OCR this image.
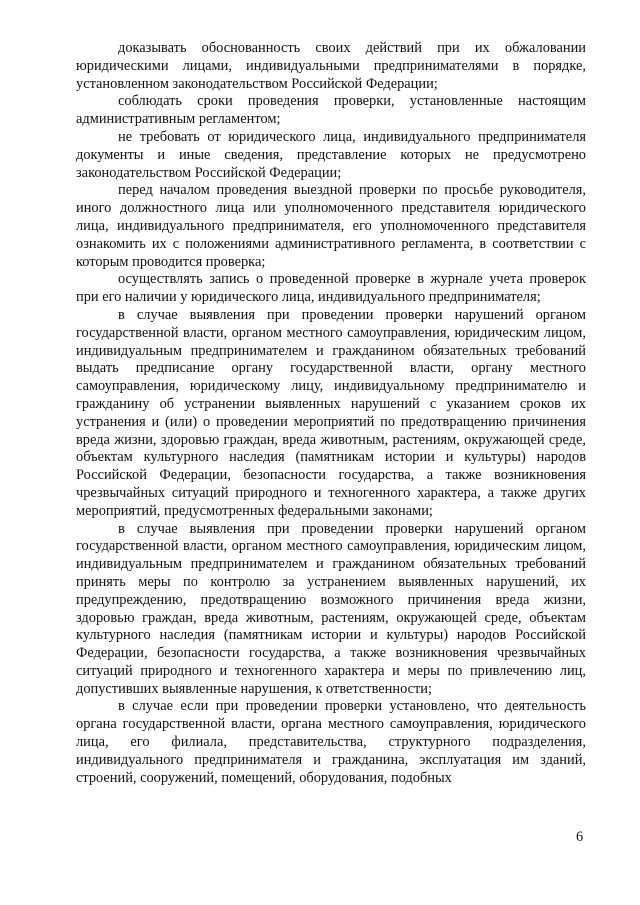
доказывать обоснованность своих действий при их обжаловании юридическими лицами, индивидуальными предпринимателями в порядке, установленном законодательством Российской Федерации;

соблюдать сроки проведения проверки, установленные настоящим административным регламентом;

не требовать от юридического лица, индивидуального предпринимателя документы и иные сведения, представление которых не предусмотрено законодательством Российской Федерации;

перед началом проведения выездной проверки по просьбе руководителя, иного должностного лица или уполномоченного представителя юридического лица, индивидуального предпринимателя, его уполномоченного представителя ознакомить их с положениями административного регламента, в соответствии с которым проводится проверка;

осуществлять запись о проведенной проверке в журнале учета проверок при его наличии у юридического лица, индивидуального предпринимателя;

в случае выявления при проведении проверки нарушений органом государственной власти, органом местного самоуправления, юридическим лицом, индивидуальным предпринимателем и гражданином обязательных требований выдать предписание органу государственной власти, органу местного самоуправления, юридическому лицу, индивидуальному предпринимателю и гражданину об устранении выявленных нарушений с указанием сроков их устранения и (или) о проведении мероприятий по предотвращению причинения вреда жизни, здоровью граждан, вреда животным, растениям, окружающей среде, объектам культурного наследия (памятникам истории и культуры) народов Российской Федерации, безопасности государства, а также возникновения чрезвычайных ситуаций природного и техногенного характера, а также других мероприятий, предусмотренных федеральными законами;

в случае выявления при проведении проверки нарушений органом государственной власти, органом местного самоуправления, юридическим лицом, индивидуальным предпринимателем и гражданином обязательных требований принять меры по контролю за устранением выявленных нарушений, их предупреждению, предотвращению возможного причинения вреда жизни, здоровью граждан, вреда животным, растениям, окружающей среде, объектам культурного наследия (памятникам истории и культуры) народов Российской Федерации, безопасности государства, а также возникновения чрезвычайных ситуаций природного и техногенного характера и меры по привлечению лиц, допустивших выявленные нарушения, к ответственности;

в случае если при проведении проверки установлено, что деятельность органа государственной власти, органа местного самоуправления, юридического лица, его филиала, представительства, структурного подразделения, индивидуального предпринимателя и гражданина, эксплуатация им зданий, строений, сооружений, помещений, оборудования, подобных

6
